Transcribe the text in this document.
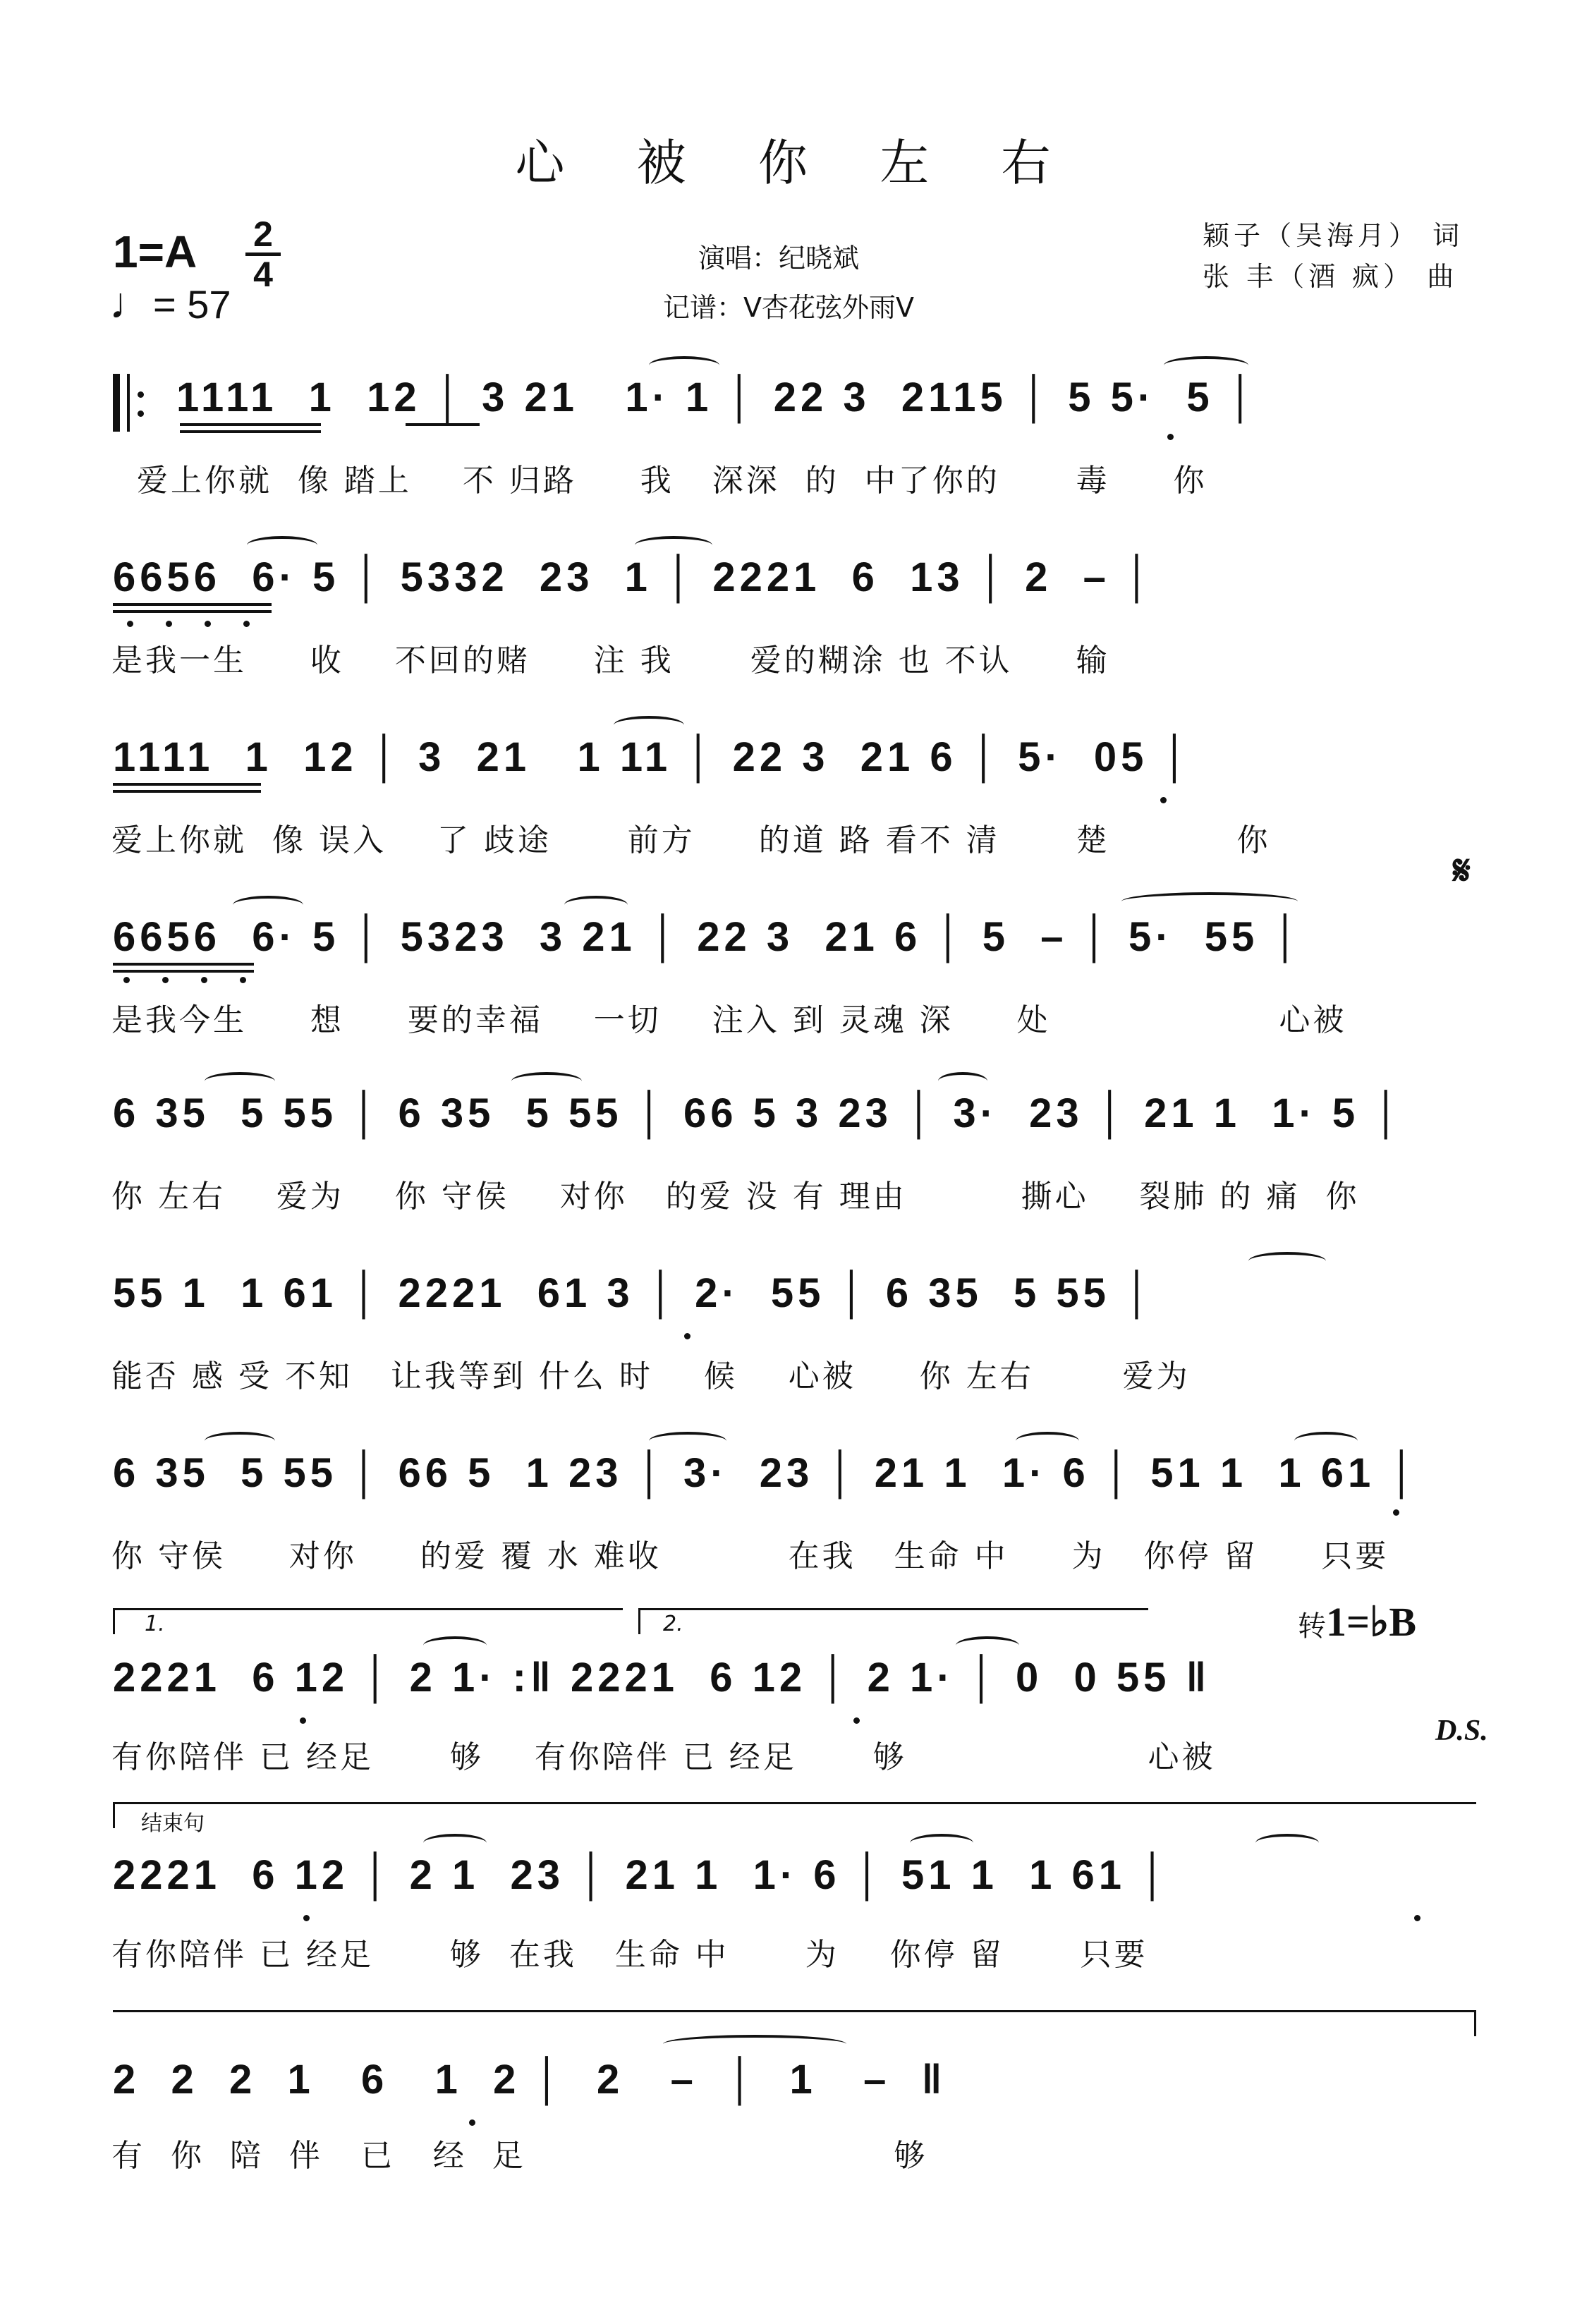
心 被 你 左 右
1=A 2
4
♩= 57
演唱：纪晓斌
记谱：V杏花弦外雨V
颖子（吴海月） 词
张 丰（酒 疯） 曲
1111  1  12 │ 3 21   1· 1 │ 22 3  2115 │ 5 5·  5 │
爱上你就  像 踏上    不 归路     我   深深  的  中了你的      毒     你
6656  6· 5 │ 5332  23  1 │ 2221  6  13 │ 2  – │
是我一生     收    不回的赌     注 我      爱的糊涂 也 不认     输
1111  1  12 │ 3  21   1 11 │ 22 3  21 6 │ 5·  05 │
爱上你就  像 误入    了 歧途      前方     的道 路 看不 清      楚          你
𝄋
6656  6· 5 │ 5323  3 21 │ 22 3  21 6 │ 5  – │ 5·  55 │
是我今生     想     要的幸福    一切    注入 到 灵魂 深     处                  心被
6 35  5 55 │ 6 35  5 55 │ 66 5 3 23 │ 3·  23 │ 21 1  1· 5 │
你 左右    爱为    你 守侯    对你   的爱 没 有 理由         撕心    裂肺 的 痛  你
55 1  1 61 │ 2221  61 3 │ 2·  55 │ 6 35  5 55 │
能否 感 受 不知   让我等到 什么 时    候    心被     你 左右       爱为
6 35  5 55 │ 66 5  1 23 │ 3·  23 │ 21 1  1· 6 │ 51 1  1 61 │
你 守侯     对你     的爱 覆 水 难收          在我   生命 中     为   你停 留     只要
1.	2.	转1=♭B
2221  6 12 │ 2 1· :‖ 2221  6 12 │ 2 1· │ 0  0 55 ‖
有你陪伴 已 经足      够    有你陪伴 已 经足      够                   心被
D.S.
结束句
2221  6 12 │ 2 1  23 │ 21 1  1· 6 │ 51 1  1 61 │
有你陪伴 已 经足      够  在我   生命 中      为    你停 留      只要
2  2  2  1   6   1  2 │  2   –  │  1   –  ‖
有  你  陪  伴   已   经  足                             够
